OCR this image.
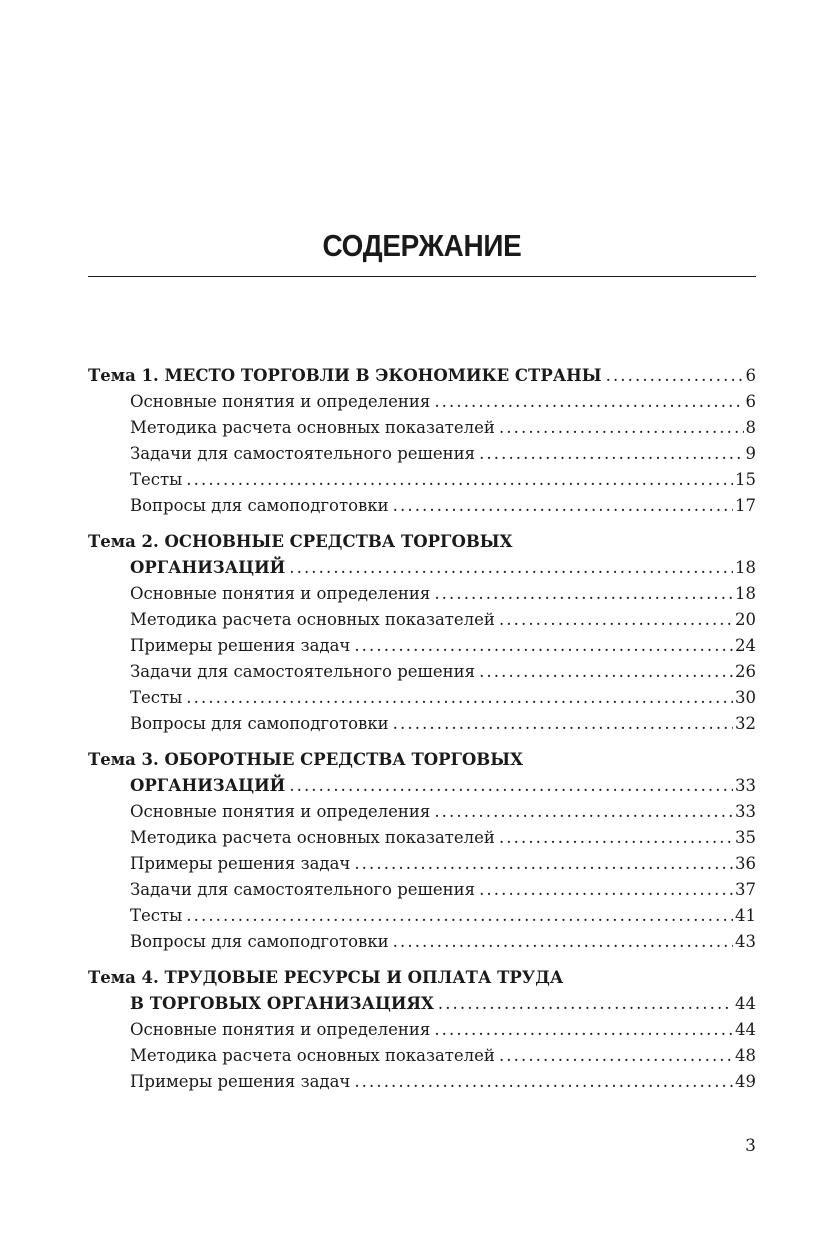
СОДЕРЖАНИЕ
Тема 1. МЕСТО ТОРГОВЛИ В ЭКОНОМИКЕ СТРАНЫ .....	6
Основные понятия и определения .....	6
Методика расчета основных показателей .....	8
Задачи для самостоятельного решения .....	9
Тесты .....	15
Вопросы для самоподготовки .....	17
Тема 2. ОСНОВНЫЕ СРЕДСТВА ТОРГОВЫХ
ОРГАНИЗАЦИЙ .....	18
Основные понятия и определения .....	18
Методика расчета основных показателей .....	20
Примеры решения задач .....	24
Задачи для самостоятельного решения .....	26
Тесты .....	30
Вопросы для самоподготовки .....	32
Тема 3. ОБОРОТНЫЕ СРЕДСТВА ТОРГОВЫХ
ОРГАНИЗАЦИЙ .....	33
Основные понятия и определения .....	33
Методика расчета основных показателей .....	35
Примеры решения задач .....	36
Задачи для самостоятельного решения .....	37
Тесты .....	41
Вопросы для самоподготовки .....	43
Тема 4. ТРУДОВЫЕ РЕСУРСЫ И ОПЛАТА ТРУДА
В ТОРГОВЫХ ОРГАНИЗАЦИЯХ .....	44
Основные понятия и определения .....	44
Методика расчета основных показателей .....	48
Примеры решения задач .....	49
3
